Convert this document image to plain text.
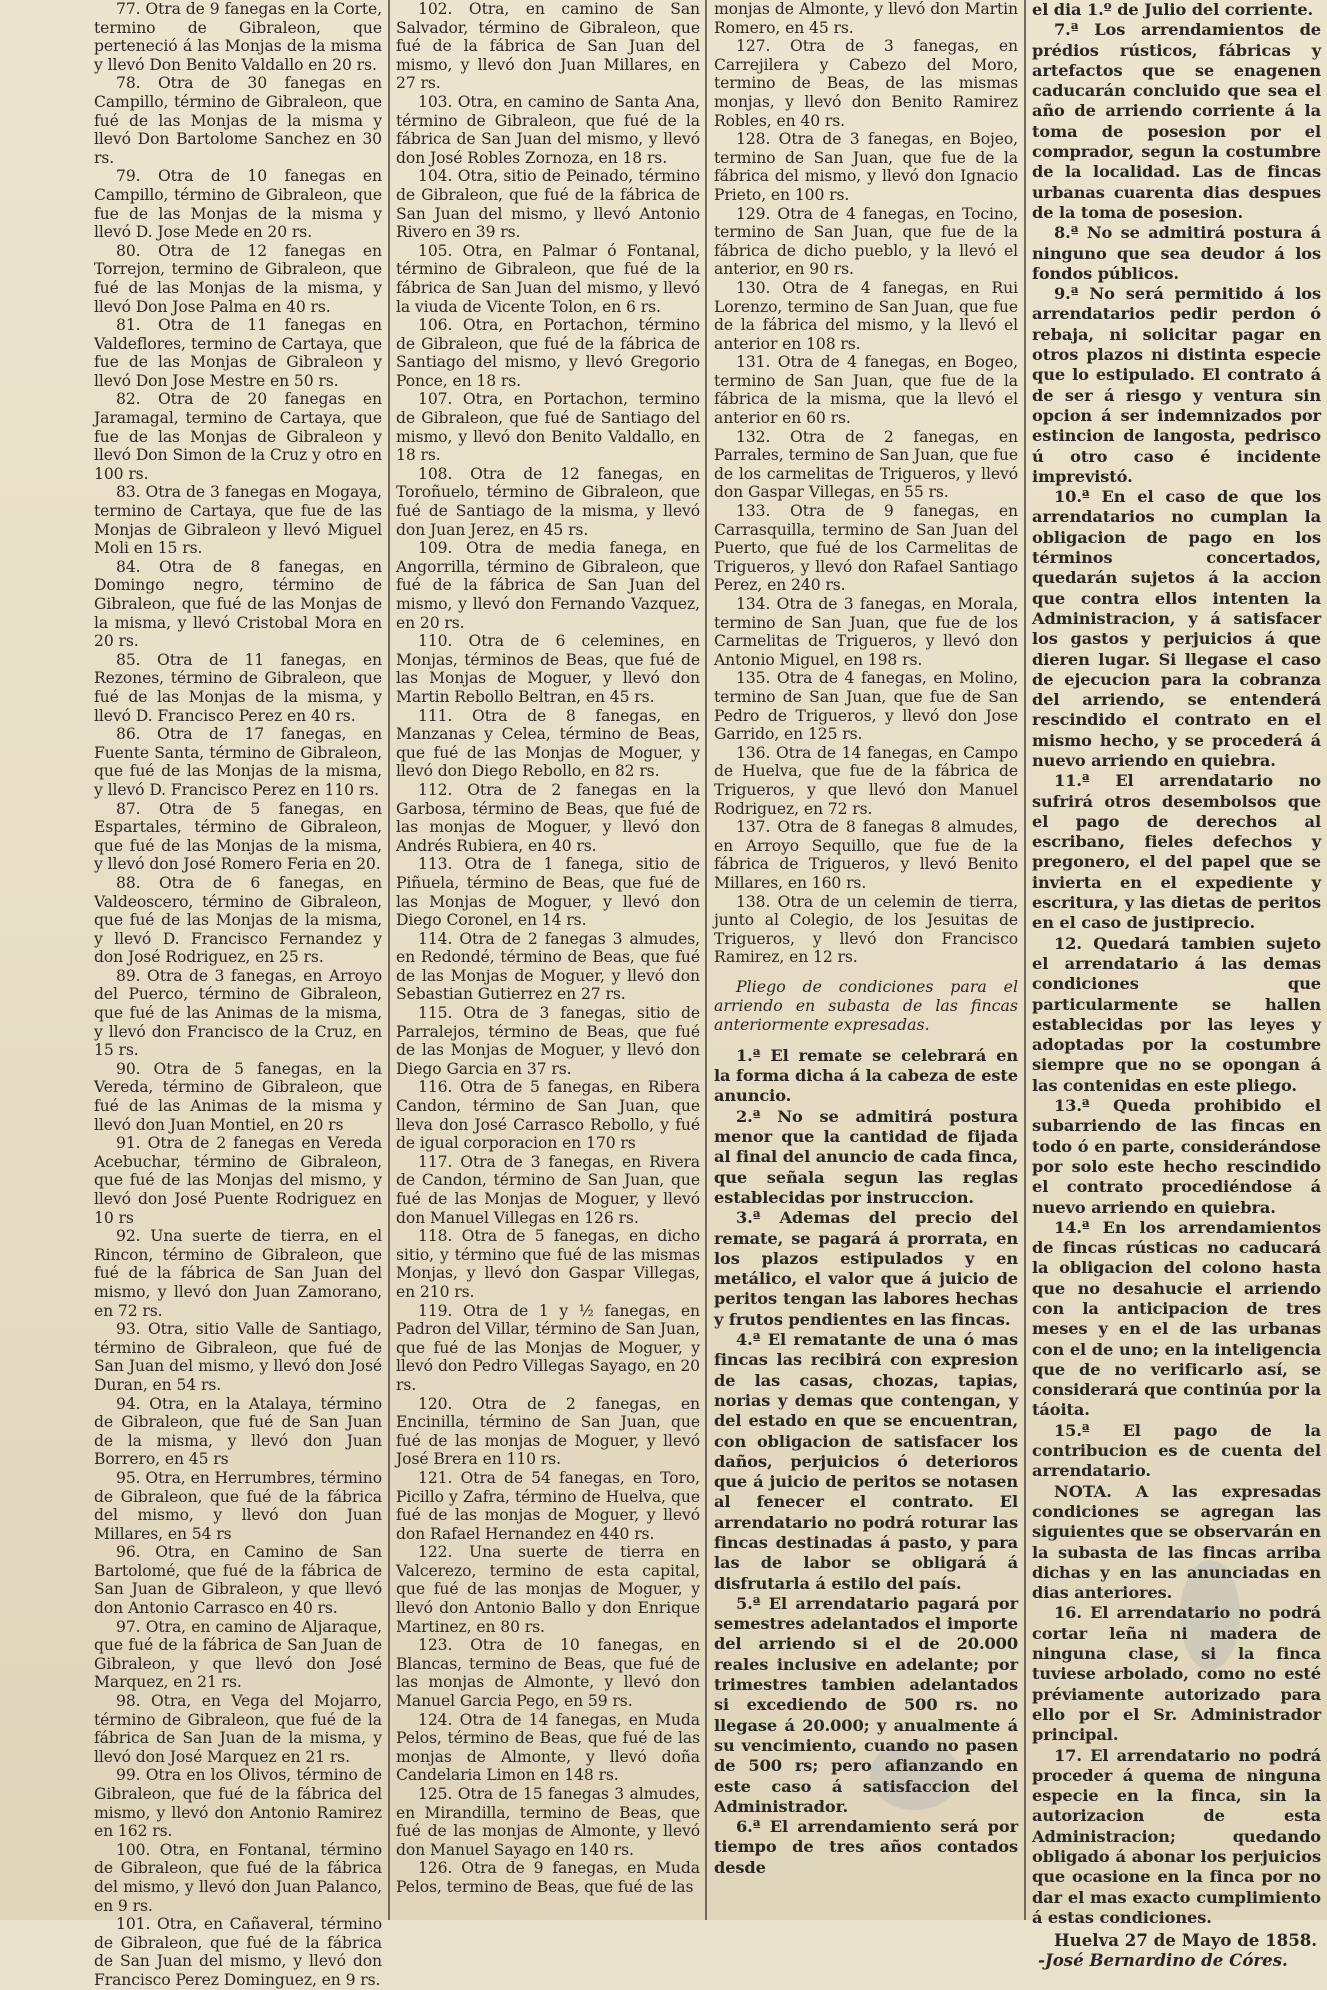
77. Otra de 9 fanegas en la Corte, termino de Gibraleon, que perteneció á las Monjas de la misma y llevó Don Benito Valdallo en 20 rs.

78. Otra de 30 fanegas en Campillo, término de Gibraleon, que fué de las Monjas de la misma y llevó Don Bartolome Sanchez en 30 rs.

79. Otra de 10 fanegas en Campillo, término de Gibraleon, que fue de las Monjas de la misma y llevó D. Jose Mede en 20 rs.

80. Otra de 12 fanegas en Torrejon, termino de Gibraleon, que fué de las Monjas de la misma, y llevó Don Jose Palma en 40 rs.

81. Otra de 11 fanegas en Valdeflores, termino de Cartaya, que fue de las Monjas de Gibraleon y llevó Don Jose Mestre en 50 rs.

82. Otra de 20 fanegas en Jaramagal, termino de Cartaya, que fue de las Monjas de Gibraleon y llevó Don Simon de la Cruz y otro en 100 rs.

83. Otra de 3 fanegas en Mogaya, termino de Cartaya, que fue de las Monjas de Gibraleon y llevó Miguel Moli en 15 rs.

84. Otra de 8 fanegas, en Domingo negro, término de Gibraleon, que fué de las Monjas de la misma, y llevó Cristobal Mora en 20 rs.

85. Otra de 11 fanegas, en Rezones, término de Gibraleon, que fué de las Monjas de la misma, y llevó D. Francisco Perez en 40 rs.

86. Otra de 17 fanegas, en Fuente Santa, término de Gibraleon, que fué de las Monjas de la misma, y llevó D. Francisco Perez en 110 rs.

87. Otra de 5 fanegas, en Espartales, término de Gibraleon, que fué de las Monjas de la misma, y llevó don José Romero Feria en 20.

88. Otra de 6 fanegas, en Valdeoscero, término de Gibraleon, que fué de las Monjas de la misma, y llevó D. Francisco Fernandez y don José Rodriguez, en 25 rs.

89. Otra de 3 fanegas, en Arroyo del Puerco, término de Gibraleon, que fué de las Animas de la misma, y llevó don Francisco de la Cruz, en 15 rs.

90. Otra de 5 fanegas, en la Vereda, término de Gibraleon, que fué de las Animas de la misma y llevó don Juan Montiel, en 20 rs

91. Otra de 2 fanegas en Vereda Acebuchar, término de Gibraleon, que fué de las Monjas del mismo, y llevó don José Puente Rodriguez en 10 rs

92. Una suerte de tierra, en el Rincon, término de Gibraleon, que fué de la fábrica de San Juan del mismo, y llevó don Juan Zamorano, en 72 rs.

93. Otra, sitio Valle de Santiago, término de Gibraleon, que fué de San Juan del mismo, y llevó don José Duran, en 54 rs.

94. Otra, en la Atalaya, término de Gibraleon, que fué de San Juan de la misma, y llevó don Juan Borrero, en 45 rs

95. Otra, en Herrumbres, término de Gibraleon, que fué de la fábrica del mismo, y llevó don Juan Millares, en 54 rs

96. Otra, en Camino de San Bartolomé, que fué de la fábrica de San Juan de Gibraleon, y que llevó don Antonio Carrasco en 40 rs.

97. Otra, en camino de Aljaraque, que fué de la fábrica de San Juan de Gibraleon, y que llevó don José Marquez, en 21 rs.

98. Otra, en Vega del Mojarro, término de Gibraleon, que fué de la fábrica de San Juan de la misma, y llevó don José Marquez en 21 rs.

99. Otra en los Olivos, término de Gibraleon, que fué de la fábrica del mismo, y llevó don Antonio Ramirez en 162 rs.

100. Otra, en Fontanal, término de Gibraleon, que fué de la fábrica del mismo, y llevó don Juan Palanco, en 9 rs.

101. Otra, en Cañaveral, término de Gibraleon, que fué de la fábrica de San Juan del mismo, y llevó don Francisco Perez Dominguez, en 9 rs.

102. Otra, en camino de San Salvador, término de Gibraleon, que fué de la fábrica de San Juan del mismo, y llevó don Juan Millares, en 27 rs.

103. Otra, en camino de Santa Ana, término de Gibraleon, que fué de la fábrica de San Juan del mismo, y llevó don José Robles Zornoza, en 18 rs.

104. Otra, sitio de Peinado, término de Gibraleon, que fué de la fábrica de San Juan del mismo, y llevó Antonio Rivero en 39 rs.

105. Otra, en Palmar ó Fontanal, término de Gibraleon, que fué de la fábrica de San Juan del mismo, y llevó la viuda de Vicente Tolon, en 6 rs.

106. Otra, en Portachon, término de Gibraleon, que fué de la fábrica de Santiago del mismo, y llevó Gregorio Ponce, en 18 rs.

107. Otra, en Portachon, termino de Gibraleon, que fué de Santiago del mismo, y llevó don Benito Valdallo, en 18 rs.

108. Otra de 12 fanegas, en Toroñuelo, término de Gibraleon, que fué de Santiago de la misma, y llevó don Juan Jerez, en 45 rs.

109. Otra de media fanega, en Angorrilla, término de Gibraleon, que fué de la fábrica de San Juan del mismo, y llevó don Fernando Vazquez, en 20 rs.

110. Otra de 6 celemines, en Monjas, términos de Beas, que fué de las Monjas de Moguer, y llevó don Martin Rebollo Beltran, en 45 rs.

111. Otra de 8 fanegas, en Manzanas y Celea, término de Beas, que fué de las Monjas de Moguer, y llevó don Diego Rebollo, en 82 rs.

112. Otra de 2 fanegas en la Garbosa, término de Beas, que fué de las monjas de Moguer, y llevó don Andrés Rubiera, en 40 rs.

113. Otra de 1 fanega, sitio de Piñuela, término de Beas, que fué de las Monjas de Moguer, y llevó don Diego Coronel, en 14 rs.

114. Otra de 2 fanegas 3 almudes, en Redondé, término de Beas, que fué de las Monjas de Moguer, y llevó don Sebastian Gutierrez en 27 rs.

115. Otra de 3 fanegas, sitio de Parralejos, término de Beas, que fué de las Monjas de Moguer, y llevó don Diego Garcia en 37 rs.

116. Otra de 5 fanegas, en Ribera Candon, término de San Juan, que lleva don José Carrasco Rebollo, y fué de igual corporacion en 170 rs

117. Otra de 3 fanegas, en Rivera de Candon, término de San Juan, que fué de las Monjas de Moguer, y llevó don Manuel Villegas en 126 rs.

118. Otra de 5 fanegas, en dicho sitio, y término que fué de las mismas Monjas, y llevó don Gaspar Villegas, en 210 rs.

119. Otra de 1 y ½ fanegas, en Padron del Villar, término de San Juan, que fué de las Monjas de Moguer, y llevó don Pedro Villegas Sayago, en 20 rs.

120. Otra de 2 fanegas, en Encinilla, término de San Juan, que fué de las monjas de Moguer, y llevó José Brera en 110 rs.

121. Otra de 54 fanegas, en Toro, Picillo y Zafra, término de Huelva, que fué de las monjas de Moguer, y llevó don Rafael Hernandez en 440 rs.

122. Una suerte de tierra en Valcerezo, termino de esta capital, que fué de las monjas de Moguer, y llevó don Antonio Ballo y don Enrique Martinez, en 80 rs.

123. Otra de 10 fanegas, en Blancas, termino de Beas, que fué de las monjas de Almonte, y llevó don Manuel Garcia Pego, en 59 rs.

124. Otra de 14 fanegas, en Muda Pelos, término de Beas, que fué de las monjas de Almonte, y llevó doña Candelaria Limon en 148 rs.

125. Otra de 15 fanegas 3 almudes, en Mirandilla, termino de Beas, que fué de las monjas de Almonte, y llevó don Manuel Sayago en 140 rs.

126. Otra de 9 fanegas, en Muda Pelos, termino de Beas, que fué de las

monjas de Almonte, y llevó don Martin Romero, en 45 rs.

127. Otra de 3 fanegas, en Carrejilera y Cabezo del Moro, termino de Beas, de las mismas monjas, y llevó don Benito Ramirez Robles, en 40 rs.

128. Otra de 3 fanegas, en Bojeo, termino de San Juan, que fue de la fábrica del mismo, y llevó don Ignacio Prieto, en 100 rs.

129. Otra de 4 fanegas, en Tocino, termino de San Juan, que fue de la fábrica de dicho pueblo, y la llevó el anterior, en 90 rs.

130. Otra de 4 fanegas, en Rui Lorenzo, termino de San Juan, que fue de la fábrica del mismo, y la llevó el anterior en 108 rs.

131. Otra de 4 fanegas, en Bogeo, termino de San Juan, que fue de la fábrica de la misma, que la llevó el anterior en 60 rs.

132. Otra de 2 fanegas, en Parrales, termino de San Juan, que fue de los carmelitas de Trigueros, y llevó don Gaspar Villegas, en 55 rs.

133. Otra de 9 fanegas, en Carrasquilla, termino de San Juan del Puerto, que fué de los Carmelitas de Trigueros, y llevó don Rafael Santiago Perez, en 240 rs.

134. Otra de 3 fanegas, en Morala, termino de San Juan, que fue de los Carmelitas de Trigueros, y llevó don Antonio Miguel, en 198 rs.

135. Otra de 4 fanegas, en Molino, termino de San Juan, que fue de San Pedro de Trigueros, y llevó don Jose Garrido, en 125 rs.

136. Otra de 14 fanegas, en Campo de Huelva, que fue de la fábrica de Trigueros, y que llevó don Manuel Rodriguez, en 72 rs.

137. Otra de 8 fanegas 8 almudes, en Arroyo Sequillo, que fue de la fábrica de Trigueros, y llevó Benito Millares, en 160 rs.

138. Otra de un celemin de tierra, junto al Colegio, de los Jesuitas de Trigueros, y llevó don Francisco Ramirez, en 12 rs.

Pliego de condiciones para el arriendo en subasta de las fincas anteriormente expresadas.

1.ª El remate se celebrará en la forma dicha á la cabeza de este anuncio.

2.ª No se admitirá postura menor que la cantidad de fijada al final del anuncio de cada finca, que señala segun las reglas establecidas por instruccion.

3.ª Ademas del precio del remate, se pagará á prorrata, en los plazos estipulados y en metálico, el valor que á juicio de peritos tengan las labores hechas y frutos pendientes en las fincas.

4.ª El rematante de una ó mas fincas las recibirá con expresion de las casas, chozas, tapias, norias y demas que contengan, y del estado en que se encuentran, con obligacion de satisfacer los daños, perjuicios ó deterioros que á juicio de peritos se notasen al fenecer el contrato. El arrendatario no podrá roturar las fincas destinadas á pasto, y para las de labor se obligará á disfrutarla á estilo del país.

5.ª El arrendatario pagará por semestres adelantados el importe del arriendo si el de 20.000 reales inclusive en adelante; por trimestres tambien adelantados si excediendo de 500 rs. no llegase á 20.000; y anualmente á su vencimiento, cuando no pasen de 500 rs; pero afianzando en este caso á satisfaccion del Administrador.

6.ª El arrendamiento será por tiempo de tres años contados desde

el dia 1.º de Julio del corriente.

7.ª Los arrendamientos de prédios rústicos, fábricas y artefactos que se enagenen caducarán concluido que sea el año de arriendo corriente á la toma de posesion por el comprador, segun la costumbre de la localidad. Las de fincas urbanas cuarenta dias despues de la toma de posesion.

8.ª No se admitirá postura á ninguno que sea deudor á los fondos públicos.

9.ª No será permitido á los arrendatarios pedir perdon ó rebaja, ni solicitar pagar en otros plazos ni distinta especie que lo estipulado. El contrato á de ser á riesgo y ventura sin opcion á ser indemnizados por estincion de langosta, pedrisco ú otro caso é incidente imprevistó.

10.ª En el caso de que los arrendatarios no cumplan la obligacion de pago en los términos concertados, quedarán sujetos á la accion que contra ellos intenten la Administracion, y á satisfacer los gastos y perjuicios á que dieren lugar. Si llegase el caso de ejecucion para la cobranza del arriendo, se entenderá rescindido el contrato en el mismo hecho, y se procederá á nuevo arriendo en quiebra.

11.ª El arrendatario no sufrirá otros desembolsos que el pago de derechos al escribano, fieles defechos y pregonero, el del papel que se invierta en el expediente y escritura, y las dietas de peritos en el caso de justiprecio.

12. Quedará tambien sujeto el arrendatario á las demas condiciones que particularmente se hallen establecidas por las leyes y adoptadas por la costumbre siempre que no se opongan á las contenidas en este pliego.

13.ª Queda prohibido el subarriendo de las fincas en todo ó en parte, considerándose por solo este hecho rescindido el contrato procediéndose á nuevo arriendo en quiebra.

14.ª En los arrendamientos de fincas rústicas no caducará la obligacion del colono hasta que no desahucie el arriendo con la anticipacion de tres meses y en el de las urbanas con el de uno; en la inteligencia que de no verificarlo así, se considerará que continúa por la táoita.

15.ª El pago de la contribucion es de cuenta del arrendatario.

NOTA. A las expresadas condiciones se agregan las siguientes que se observarán en la subasta de las fincas arriba dichas y en las anunciadas en dias anteriores.

16. El arrendatario no podrá cortar leña ni madera de ninguna clase, si la finca tuviese arbolado, como no esté préviamente autorizado para ello por el Sr. Administrador principal.

17. El arrendatario no podrá proceder á quema de ninguna especie en la finca, sin la autorizacion de esta Administracion; quedando obligado á abonar los perjuicios que ocasione en la finca por no dar el mas exacto cumplimiento á estas condiciones.

Huelva 27 de Mayo de 1858.

-José Bernardino de Córes.
